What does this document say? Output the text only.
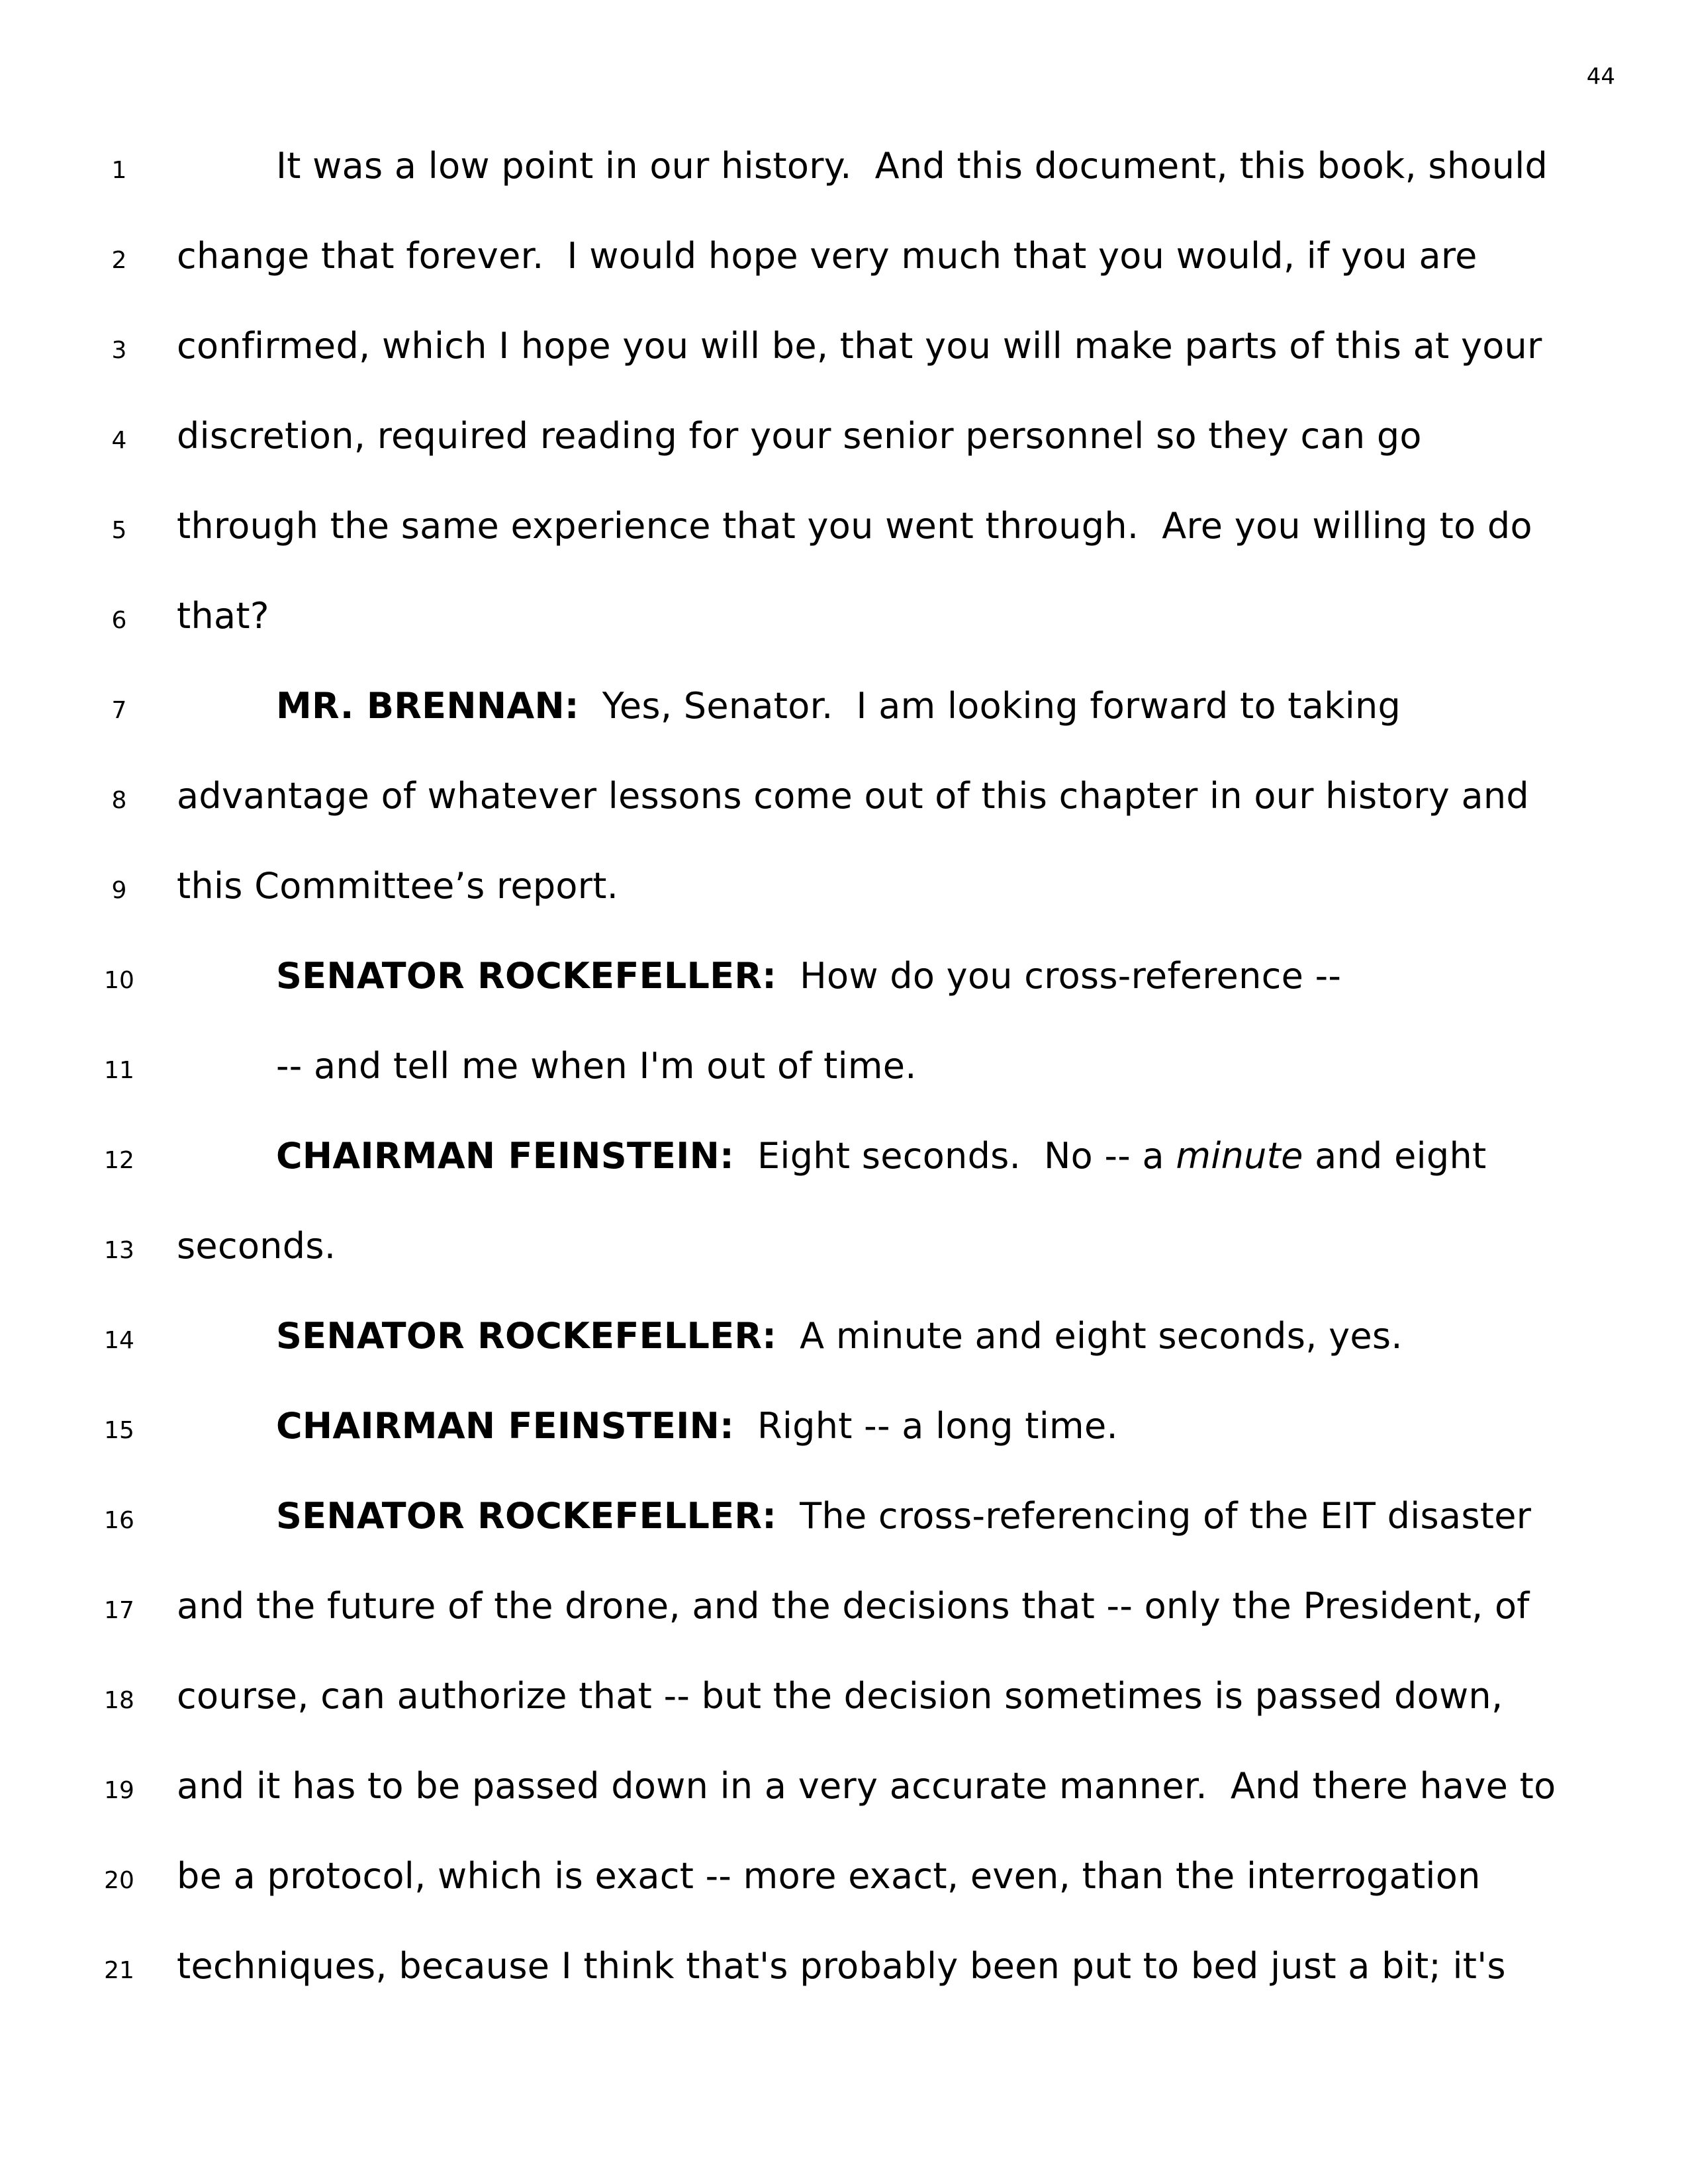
44
1	It was a low point in our history.  And this document, this book, should
2	change that forever.  I would hope very much that you would, if you are
3	confirmed, which I hope you will be, that you will make parts of this at your
4	discretion, required reading for your senior personnel so they can go
5	through the same experience that you went through.  Are you willing to do
6	that?
7	MR. BRENNAN:  Yes, Senator.  I am looking forward to taking
8	advantage of whatever lessons come out of this chapter in our history and
9	this Committee’s report.
10	SENATOR ROCKEFELLER:  How do you cross-reference --
11	-- and tell me when I'm out of time.
12	CHAIRMAN FEINSTEIN:  Eight seconds.  No -- a minute and eight
13 seconds.
14	SENATOR ROCKEFELLER:  A minute and eight seconds, yes.
15	CHAIRMAN FEINSTEIN:  Right -- a long time.
16	SENATOR ROCKEFELLER:  The cross-referencing of the EIT disaster
17 and the future of the drone, and the decisions that -- only the President, of
18 course, can authorize that -- but the decision sometimes is passed down,
19 and it has to be passed down in a very accurate manner.  And there have to
20 be a protocol, which is exact -- more exact, even, than the interrogation
21 techniques, because I think that's probably been put to bed just a bit; it's
